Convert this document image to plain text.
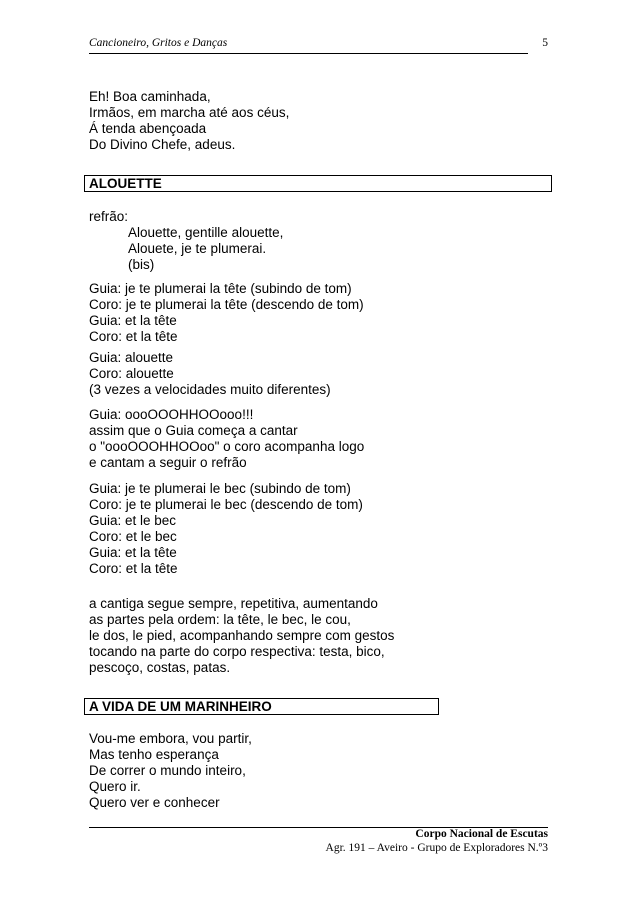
Cancioneiro, Gritos e Danças	5
Eh! Boa caminhada,
Irmãos, em marcha até aos céus,
Á tenda abençoada
Do Divino Chefe, adeus.
ALOUETTE
refrão:
Alouette, gentille alouette,
Alouete, je te plumerai.
(bis)
Guia: je te plumerai la tête (subindo de tom)
Coro: je te plumerai la tête (descendo de tom)
Guia: et la tête
Coro: et la tête
Guia: alouette
Coro: alouette
(3 vezes a velocidades muito diferentes)
Guia: oooOOOHHOOooo!!!
assim que o Guia começa a cantar
o "oooOOOHHOOoo" o coro acompanha logo
e cantam a seguir o refrão
Guia: je te plumerai le bec (subindo de tom)
Coro: je te plumerai le bec (descendo de tom)
Guia: et le bec
Coro: et le bec
Guia: et la tête
Coro: et la tête
a cantiga segue sempre, repetitiva, aumentando
as partes pela ordem: la tête, le bec, le cou,
le dos, le pied, acompanhando sempre com gestos
tocando na parte do corpo respectiva: testa, bico,
pescoço, costas, patas.
A VIDA DE UM MARINHEIRO
Vou-me embora, vou partir,
Mas tenho esperança
De correr o mundo inteiro,
Quero ir.
Quero ver e conhecer
Corpo Nacional de Escutas
Agr. 191 – Aveiro - Grupo de Exploradores N.º3
